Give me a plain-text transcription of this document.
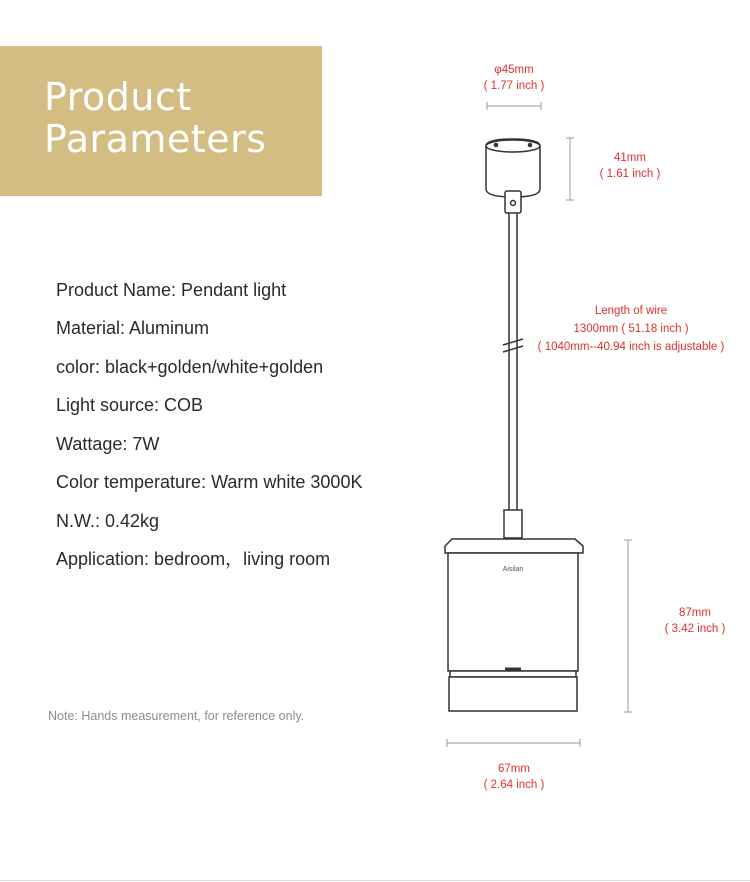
Product
Parameters
Product Name: Pendant light
Material: Aluminum
color: black+golden/white+golden
Light source: COB
Wattage: 7W
Color temperature: Warm white 3000K
N.W.: 0.42kg
Application: bedroom，living room
Note: Hands measurement, for reference only.
Aisilan
φ45mm
( 1.77 inch )
41mm
( 1.61 inch )
Length of wire
1300mm ( 51.18 inch )
( 1040mm--40.94 inch is adjustable )
87mm
( 3.42 inch )
67mm
( 2.64 inch )
